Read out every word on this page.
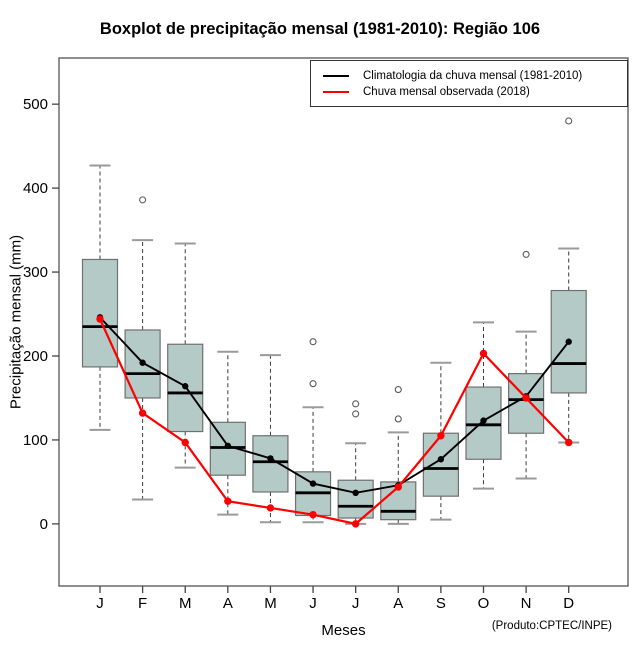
Boxplot de precipitação mensal (1981-2010): Região 106
0
100
200
300
400
500
J F M A M J J A S O N D
Precipitação mensal (mm)
Meses	(Produto:CPTEC/INPE)
Climatologia da chuva mensal (1981-2010)
Chuva mensal observada (2018)
